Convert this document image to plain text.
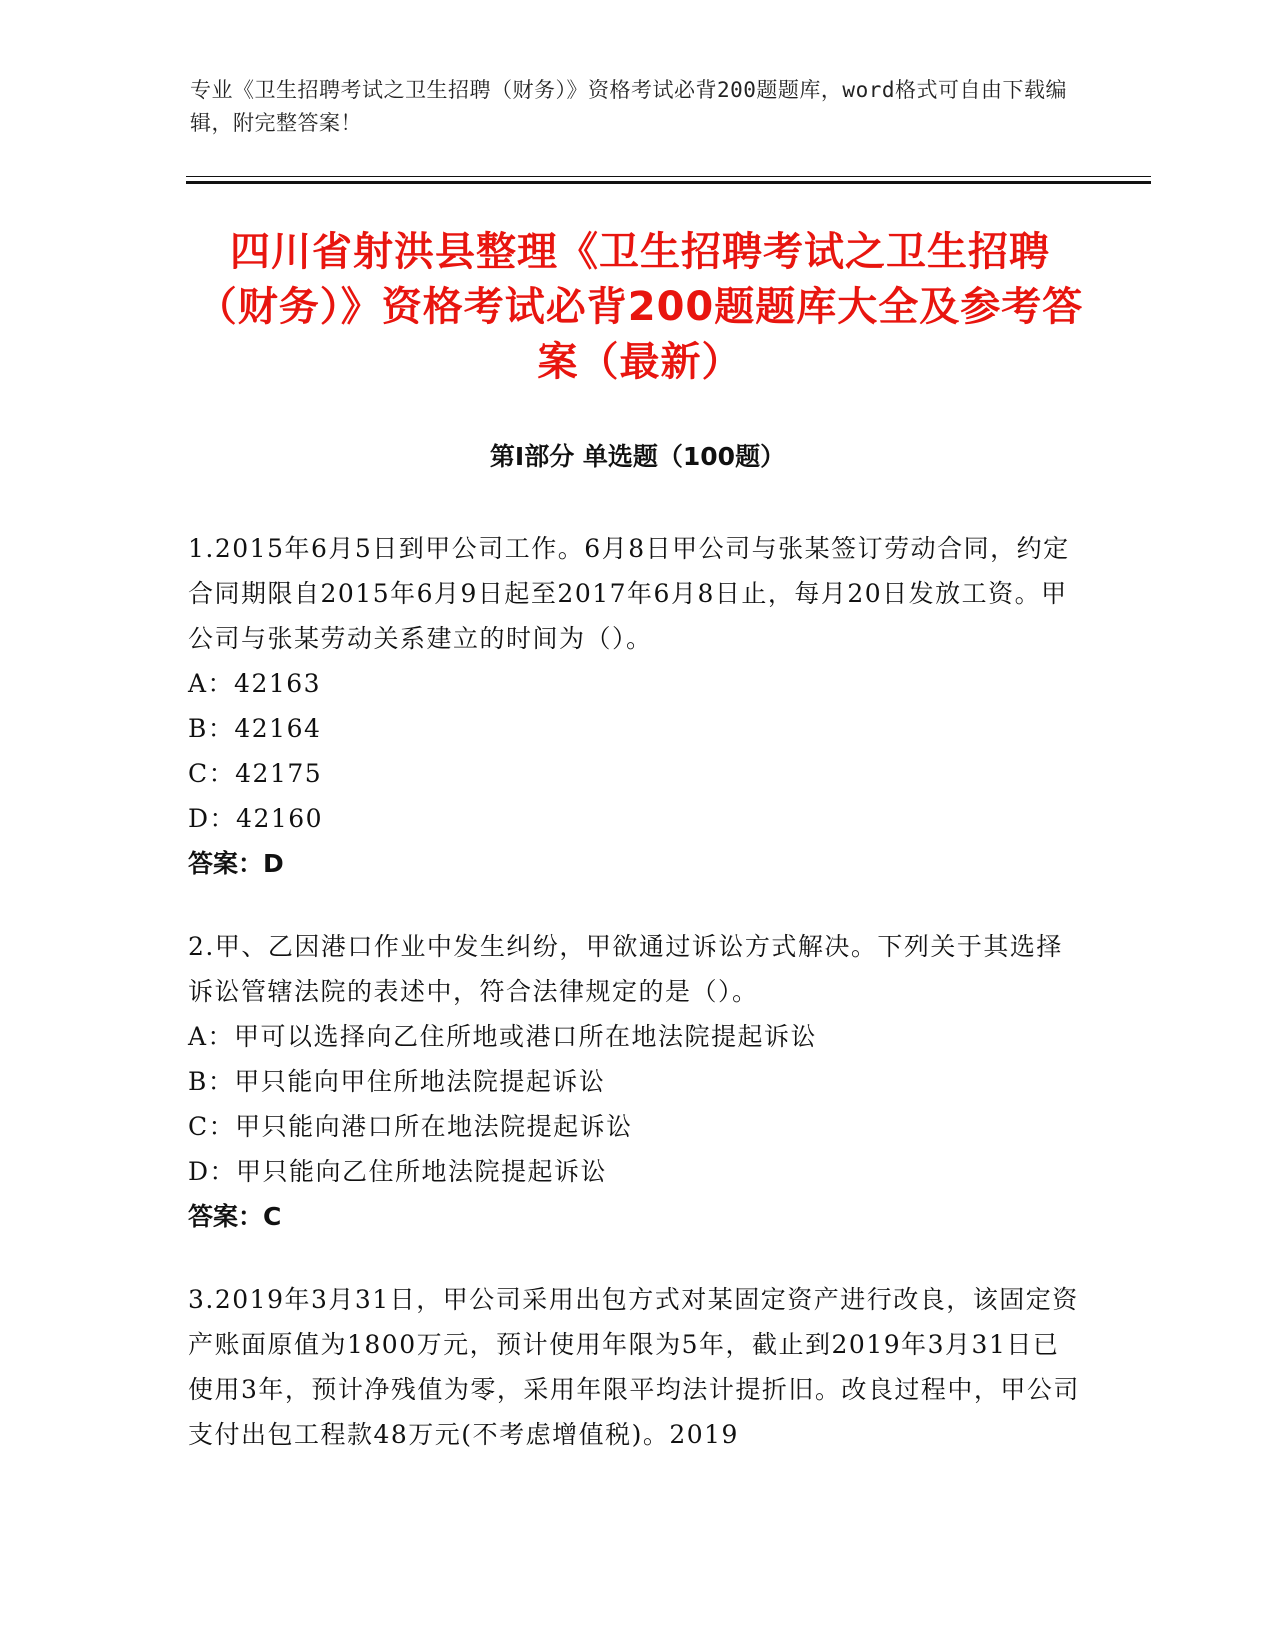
专业《卫生招聘考试之卫生招聘（财务）》资格考试必背200题题库，word格式可自由下载编辑，附完整答案！
四川省射洪县整理《卫生招聘考试之卫生招聘（财务）》资格考试必背200题题库大全及参考答案（最新）
第Ⅰ部分 单选题（100题）
1.2015年6月5日到甲公司工作。6月8日甲公司与张某签订劳动合同，约定合同期限自2015年6月9日起至2017年6月8日止，每月20日发放工资。甲公司与张某劳动关系建立的时间为（）。
A：42163
B：42164
C：42175
D：42160
答案：D
2.甲、乙因港口作业中发生纠纷，甲欲通过诉讼方式解决。下列关于其选择诉讼管辖法院的表述中，符合法律规定的是（）。
A：甲可以选择向乙住所地或港口所在地法院提起诉讼
B：甲只能向甲住所地法院提起诉讼
C：甲只能向港口所在地法院提起诉讼
D：甲只能向乙住所地法院提起诉讼
答案：C
3.2019年3月31日，甲公司采用出包方式对某固定资产进行改良，该固定资产账面原值为1800万元，预计使用年限为5年，截止到2019年3月31日已使用3年，预计净残值为零，采用年限平均法计提折旧。改良过程中，甲公司支付出包工程款48万元(不考虑增值税)。2019
